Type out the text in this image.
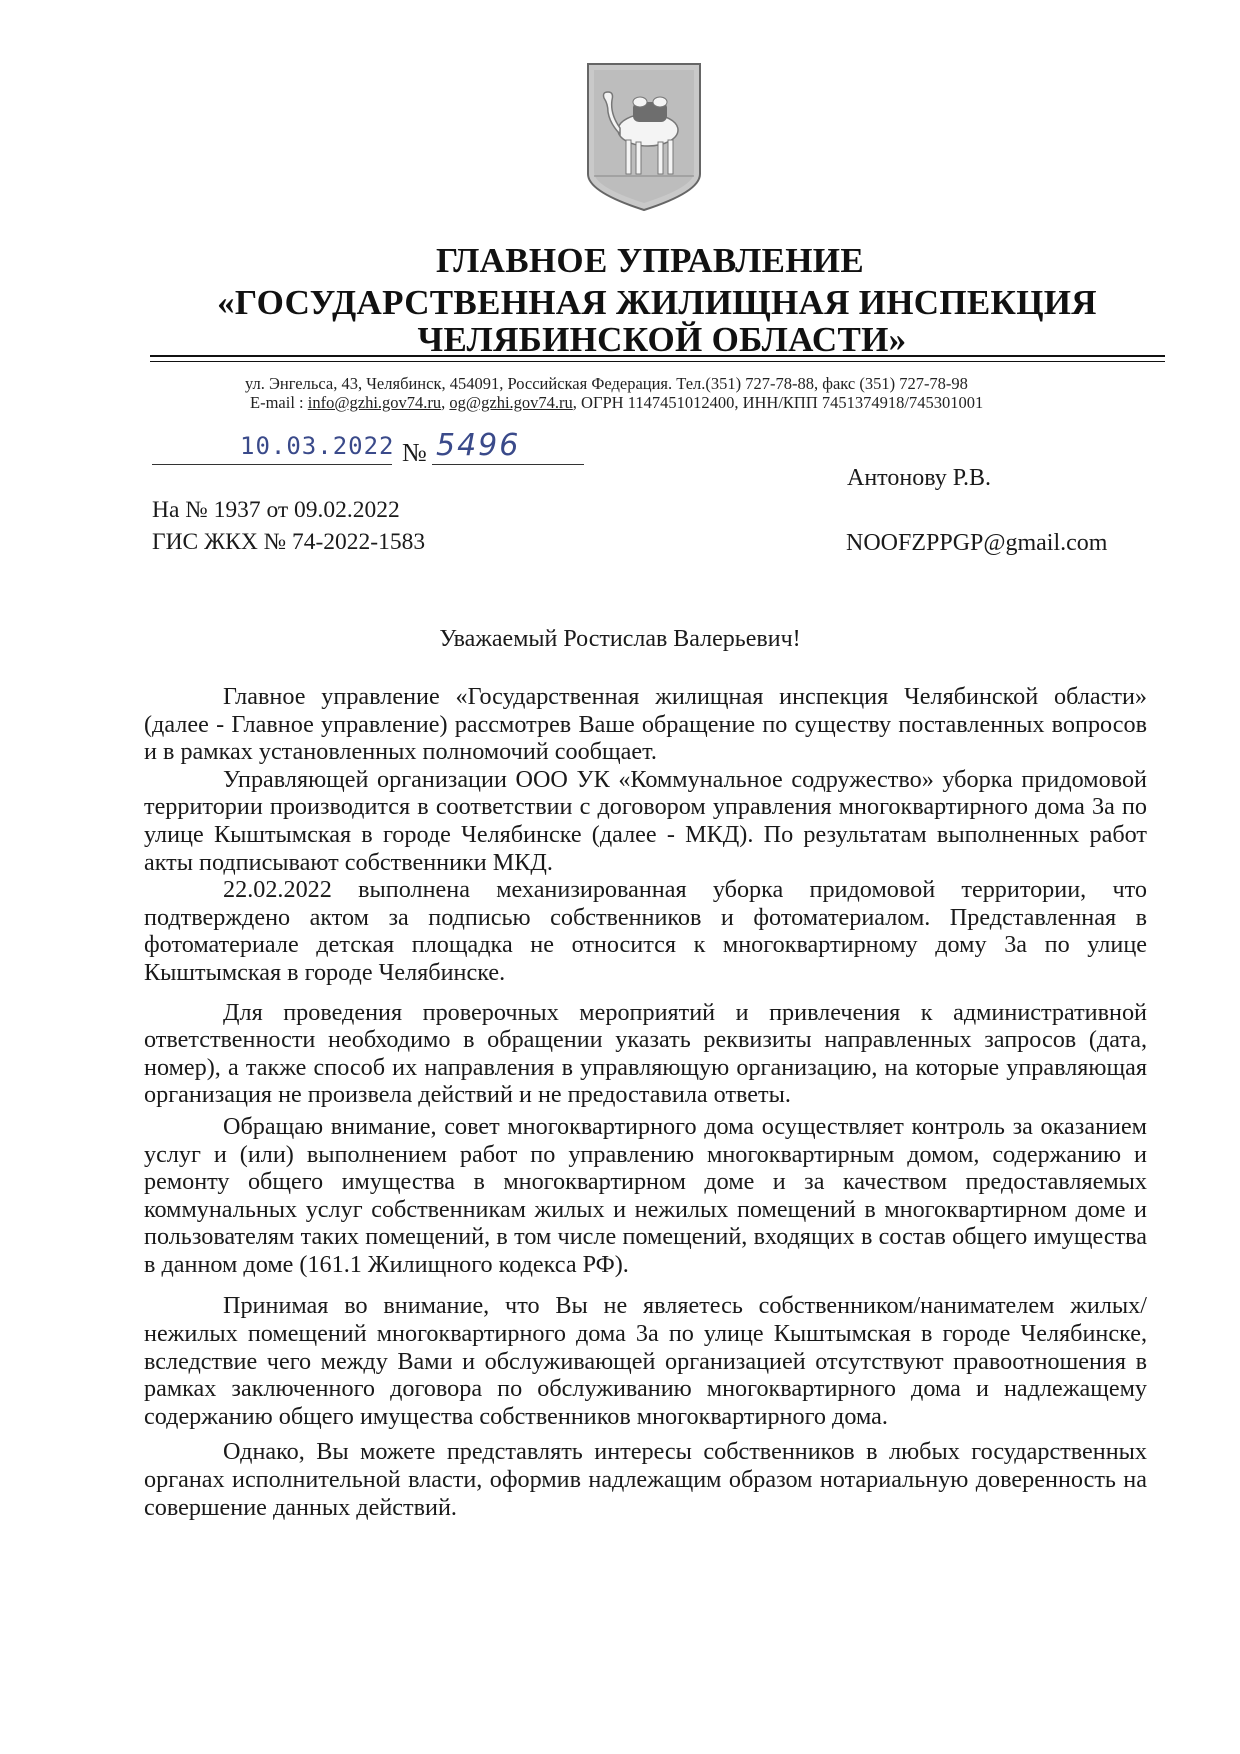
ГЛАВНОЕ УПРАВЛЕНИЕ
«ГОСУДАРСТВЕННАЯ ЖИЛИЩНАЯ ИНСПЕКЦИЯ
ЧЕЛЯБИНСКОЙ ОБЛАСТИ»
ул. Энгельса, 43, Челябинск, 454091, Российская Федерация. Тел.(351) 727-78-88, факс (351) 727-78-98
E-mail : info@gzhi.gov74.ru, og@gzhi.gov74.ru, ОГРН 1147451012400, ИНН/КПП 7451374918/745301001
10.03.2022 № 5496
На № 1937 от 09.02.2022
ГИС ЖКХ № 74-2022-1583
Антонову Р.В.
NOOFZPPGP@gmail.com
Уважаемый Ростислав Валерьевич!

Главное управление «Государственная жилищная инспекция Челябинской области» (далее - Главное управление) рассмотрев Ваше обращение по существу поставленных вопросов и в рамках установленных полномочий сообщает.

Управляющей организации ООО УК «Коммунальное содружество» уборка придомовой территории производится в соответствии с договором управления многоквартирного дома 3а по улице Кыштымская в городе Челябинске (далее - МКД). По результатам выполненных работ акты подписывают собственники МКД.

22.02.2022 выполнена механизированная уборка придомовой территории, что подтверждено актом за подписью собственников и фотоматериалом. Представленная в фотоматериале детская площадка не относится к многоквартирному дому 3а по улице Кыштымская в городе Челябинске.

Для проведения проверочных мероприятий и привлечения к административной ответственности необходимо в обращении указать реквизиты направленных запросов (дата, номер), а также способ их направления в управляющую организацию, на которые управляющая организация не произвела действий и не предоставила ответы.

Обращаю внимание, совет многоквартирного дома осуществляет контроль за оказанием услуг и (или) выполнением работ по управлению многоквартирным домом, содержанию и ремонту общего имущества в многоквартирном доме и за качеством предоставляемых коммунальных услуг собственникам жилых и нежилых помещений в многоквартирном доме и пользователям таких помещений, в том числе помещений, входящих в состав общего имущества в данном доме (161.1 Жилищного кодекса РФ).

Принимая во внимание, что Вы не являетесь собственником/нанимателем жилых/нежилых помещений многоквартирного дома 3а по улице Кыштымская в городе Челябинске, вследствие чего между Вами и обслуживающей организацией отсутствуют правоотношения в рамках заключенного договора по обслуживанию многоквартирного дома и надлежащему содержанию общего имущества собственников многоквартирного дома.

Однако, Вы можете представлять интересы собственников в любых государственных органах исполнительной власти, оформив надлежащим образом нотариальную доверенность на совершение данных действий.
